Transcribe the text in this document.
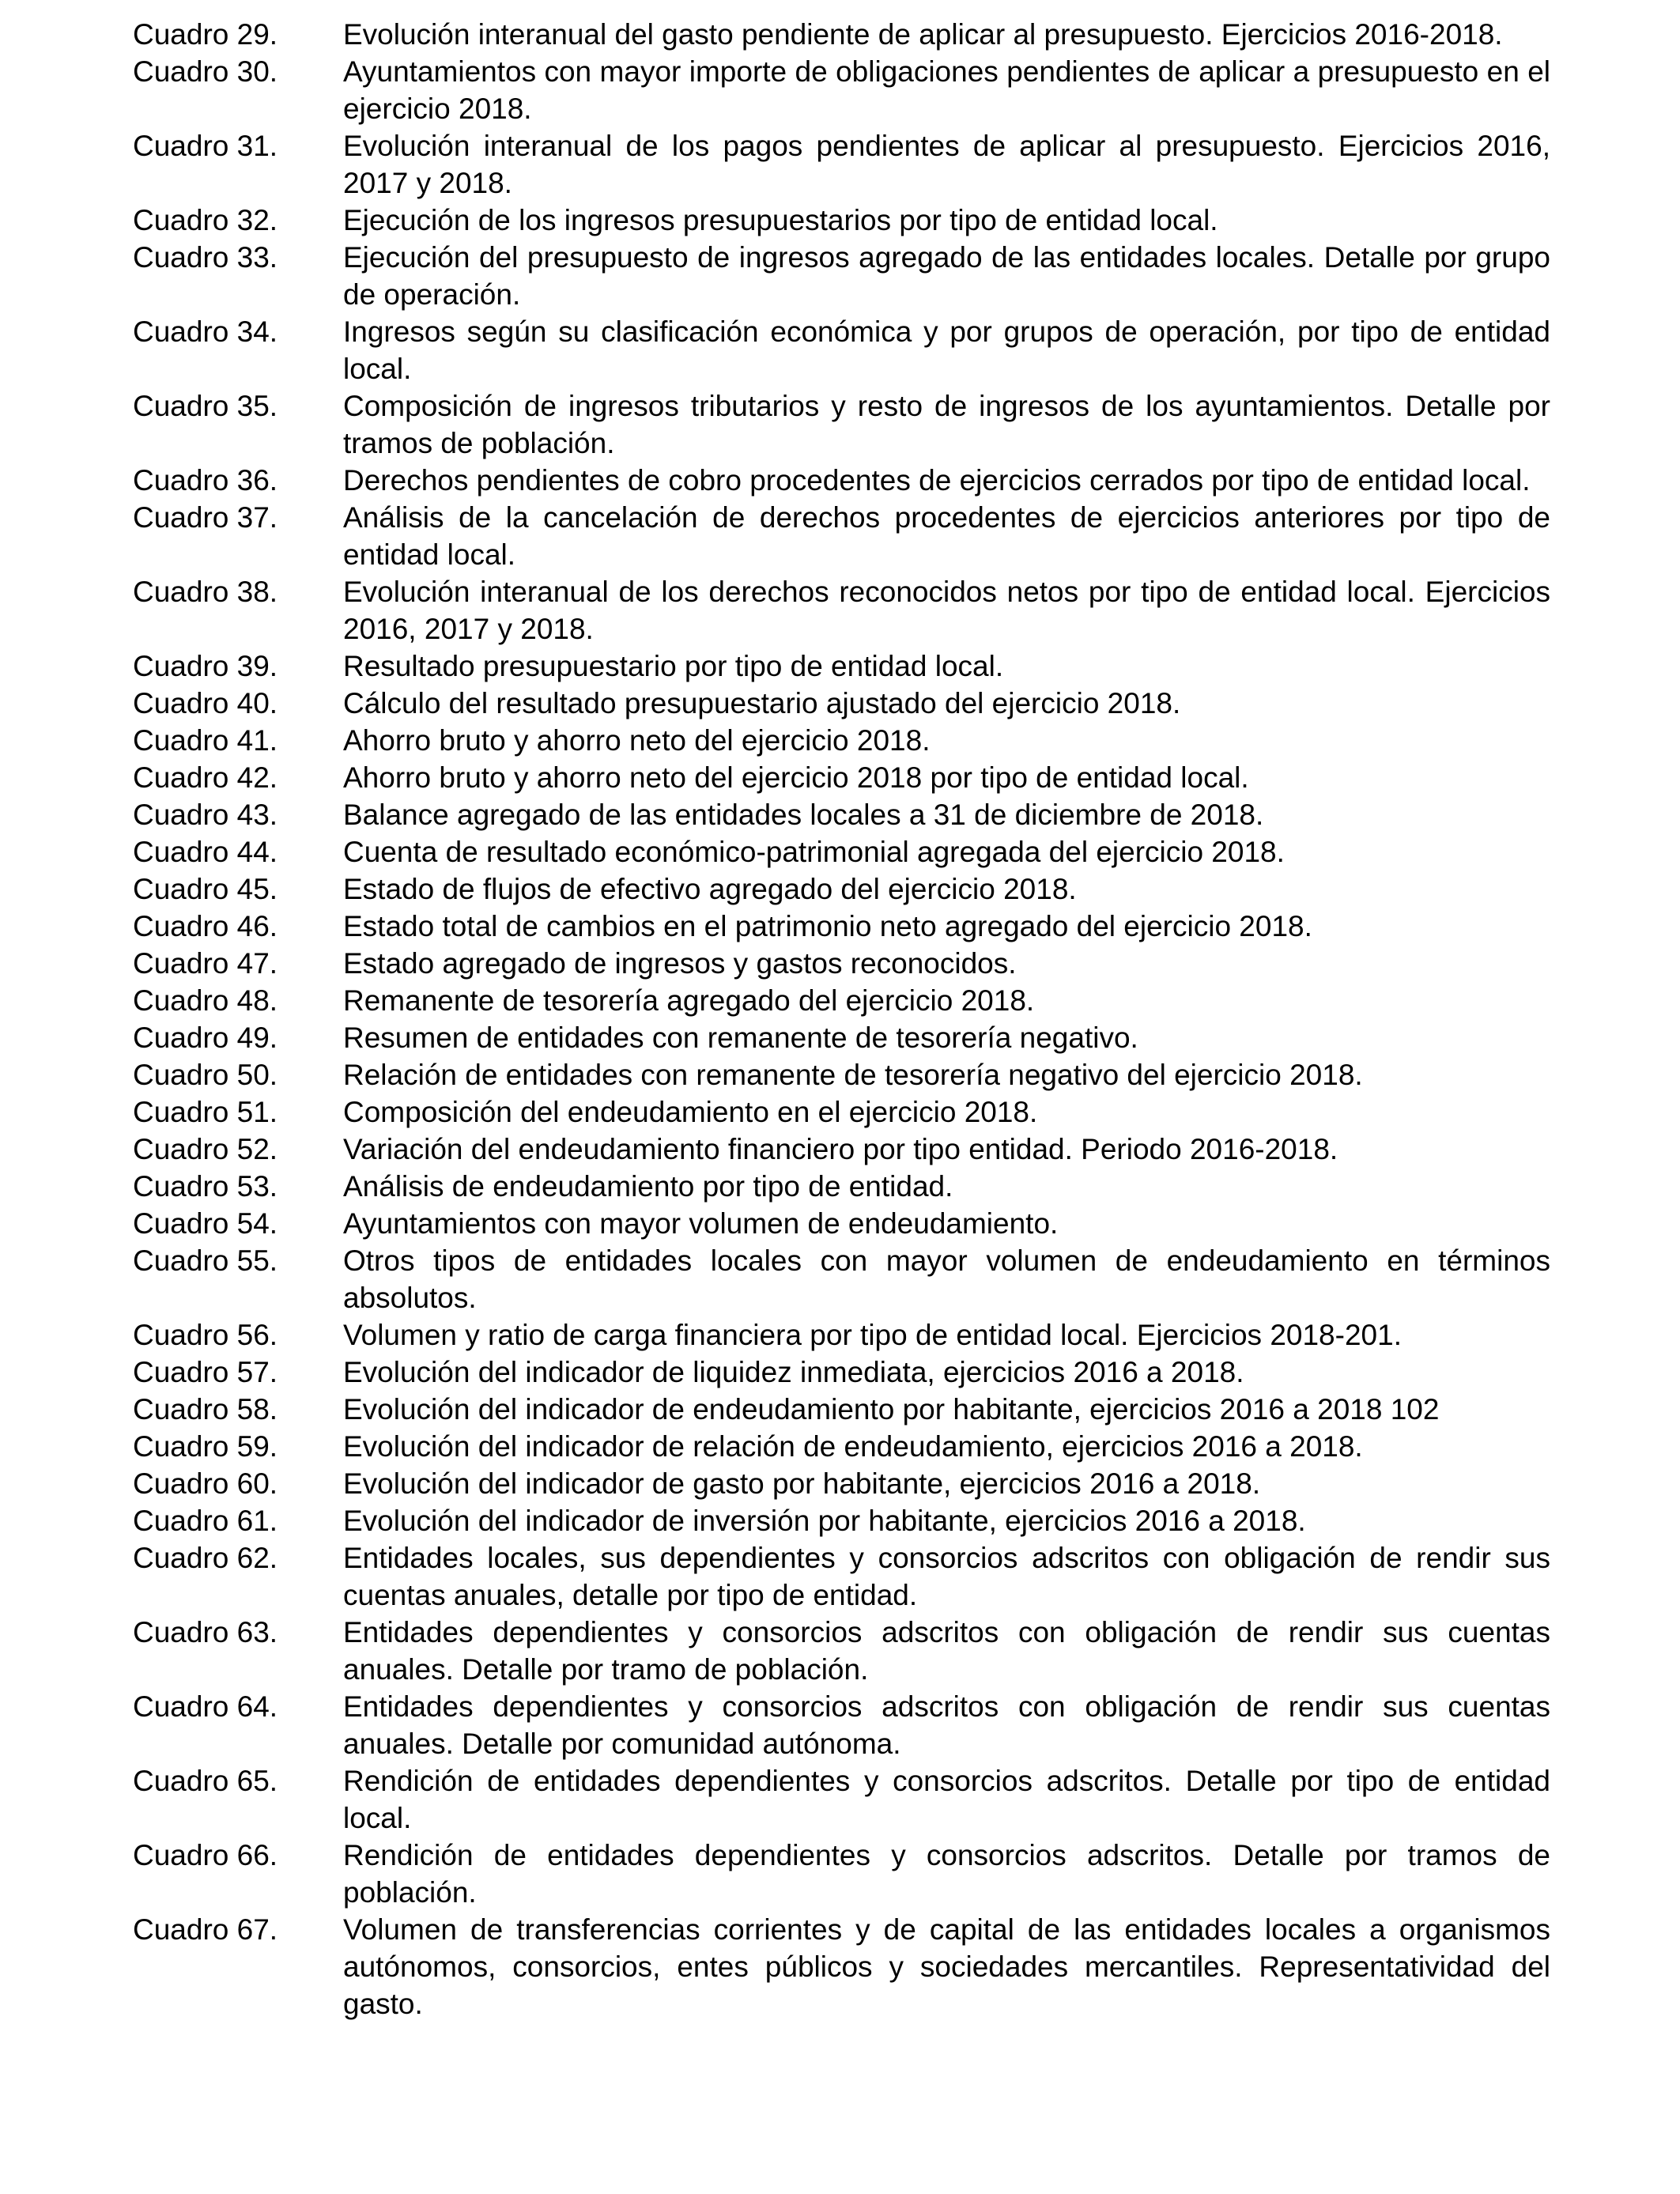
Cuadro 29.	Evolución interanual del gasto pendiente de aplicar al presupuesto. Ejercicios 2016-2018.
Cuadro 30.	Ayuntamientos con mayor importe de obligaciones pendientes de aplicar a presupuesto en el ejercicio 2018.
Cuadro 31.	Evolución interanual de los pagos pendientes de aplicar al presupuesto. Ejercicios 2016, 2017 y 2018.
Cuadro 32.	Ejecución de los ingresos presupuestarios por tipo de entidad local.
Cuadro 33.	Ejecución del presupuesto de ingresos agregado de las entidades locales. Detalle por grupo de operación.
Cuadro 34.	Ingresos según su clasificación económica y por grupos de operación, por tipo de entidad local.
Cuadro 35.	Composición de ingresos tributarios y resto de ingresos de los ayuntamientos. Detalle por tramos de población.
Cuadro 36.	Derechos pendientes de cobro procedentes de ejercicios cerrados por tipo de entidad local.
Cuadro 37.	Análisis de la cancelación de derechos procedentes de ejercicios anteriores por tipo de entidad local.
Cuadro 38.	Evolución interanual de los derechos reconocidos netos por tipo de entidad local. Ejercicios 2016, 2017 y 2018.
Cuadro 39.	Resultado presupuestario por tipo de entidad local.
Cuadro 40.	Cálculo del resultado presupuestario ajustado del ejercicio 2018.
Cuadro 41.	Ahorro bruto y ahorro neto del ejercicio 2018.
Cuadro 42.	Ahorro bruto y ahorro neto del ejercicio 2018 por tipo de entidad local.
Cuadro 43.	Balance agregado de las entidades locales a 31 de diciembre de 2018.
Cuadro 44.	Cuenta de resultado económico-patrimonial agregada del ejercicio 2018.
Cuadro 45.	Estado de flujos de efectivo agregado del ejercicio 2018.
Cuadro 46.	Estado total de cambios en el patrimonio neto agregado del ejercicio 2018.
Cuadro 47.	Estado agregado de ingresos y gastos reconocidos.
Cuadro 48.	Remanente de tesorería agregado del ejercicio 2018.
Cuadro 49.	Resumen de entidades con remanente de tesorería negativo.
Cuadro 50.	Relación de entidades con remanente de tesorería negativo del ejercicio 2018.
Cuadro 51.	Composición del endeudamiento en el ejercicio 2018.
Cuadro 52.	Variación del endeudamiento financiero por tipo entidad. Periodo 2016-2018.
Cuadro 53.	Análisis de endeudamiento por tipo de entidad.
Cuadro 54.	Ayuntamientos con mayor volumen de endeudamiento.
Cuadro 55.	Otros tipos de entidades locales con mayor volumen de endeudamiento en términos absolutos.
Cuadro 56.	Volumen y ratio de carga financiera por tipo de entidad local. Ejercicios 2018-201.
Cuadro 57.	Evolución del indicador de liquidez inmediata, ejercicios 2016 a 2018.
Cuadro 58.	Evolución del indicador de endeudamiento por habitante, ejercicios 2016 a 2018 102
Cuadro 59.	Evolución del indicador de relación de endeudamiento, ejercicios 2016 a 2018.
Cuadro 60.	Evolución del indicador de gasto por habitante, ejercicios 2016 a 2018.
Cuadro 61.	Evolución del indicador de inversión por habitante, ejercicios 2016 a 2018.
Cuadro 62.	Entidades locales, sus dependientes y consorcios adscritos con obligación de rendir sus cuentas anuales, detalle por tipo de entidad.
Cuadro 63.	Entidades dependientes y consorcios adscritos con obligación de rendir sus cuentas anuales. Detalle por tramo de población.
Cuadro 64.	Entidades dependientes y consorcios adscritos con obligación de rendir sus cuentas anuales. Detalle por comunidad autónoma.
Cuadro 65.	Rendición de entidades dependientes y consorcios adscritos. Detalle por tipo de entidad local.
Cuadro 66.	Rendición de entidades dependientes y consorcios adscritos. Detalle por tramos de población.
Cuadro 67.	Volumen de transferencias corrientes y de capital de las entidades locales a organismos autónomos, consorcios, entes públicos y sociedades mercantiles. Representatividad del gasto.
